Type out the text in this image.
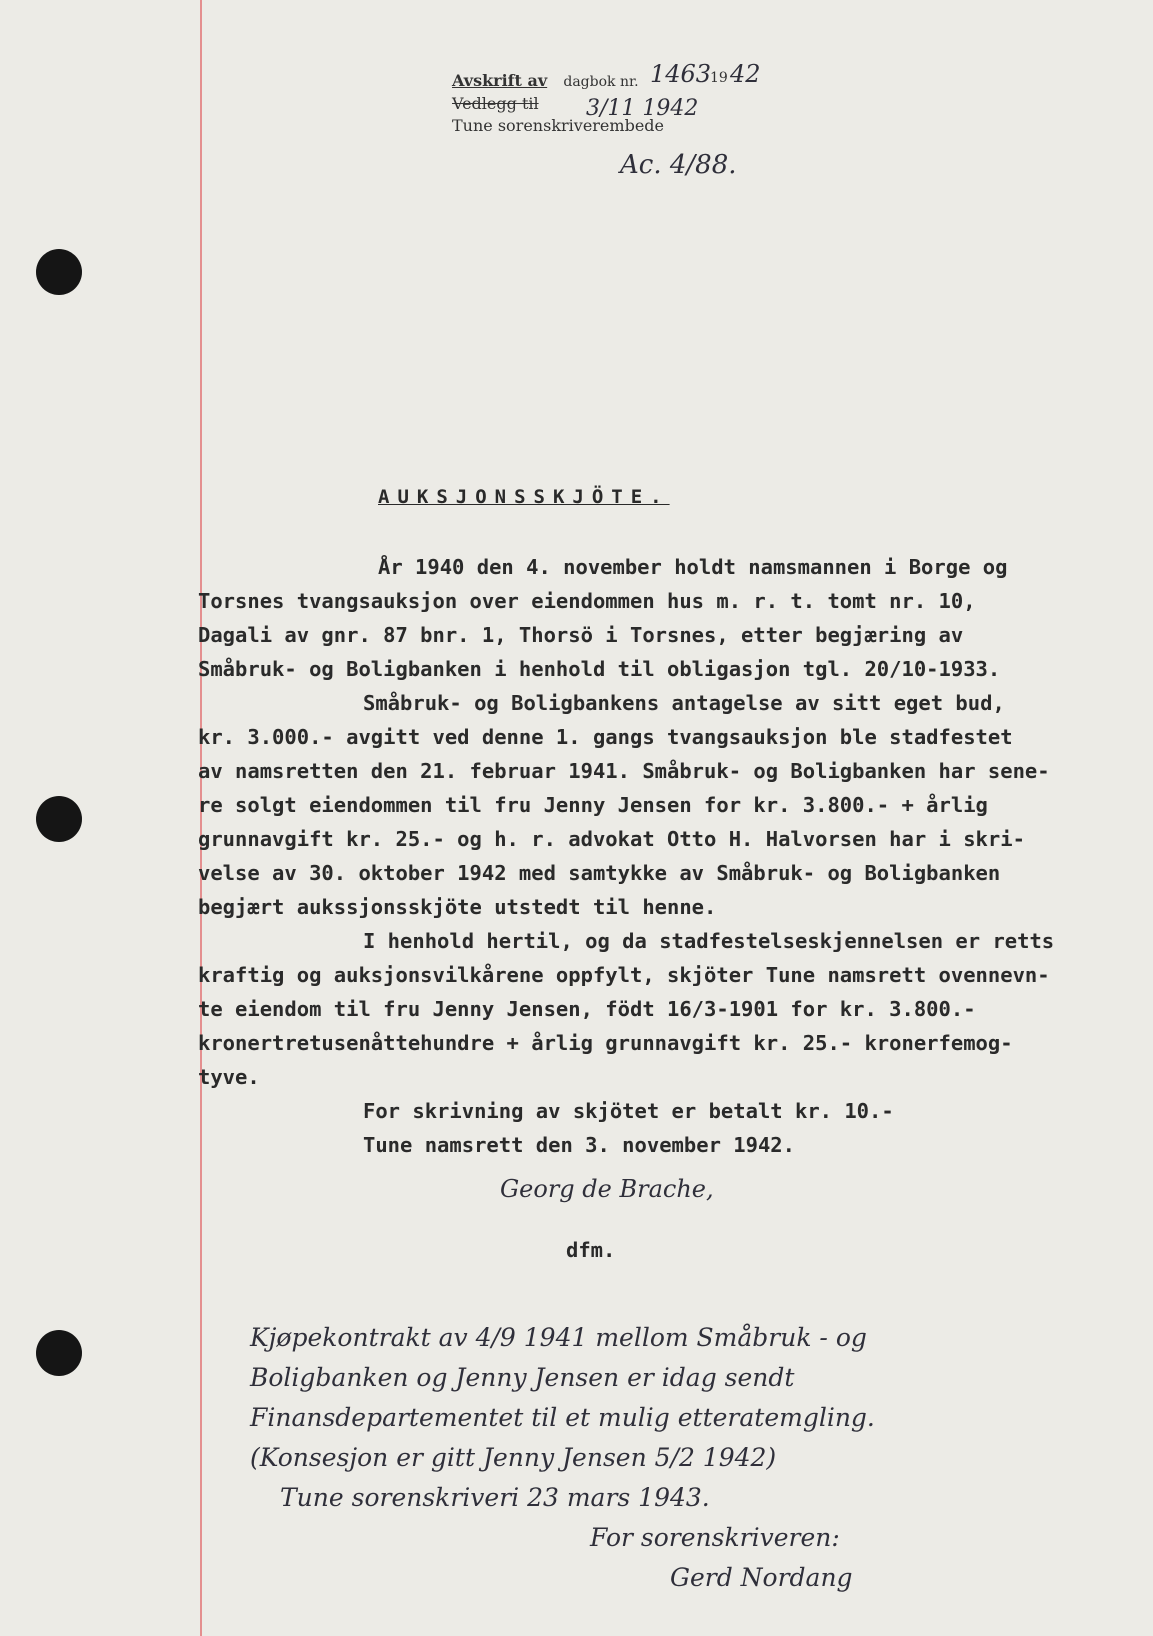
Avskrift av dagbok nr.
Vedlegg til
Tune sorenskriverembede
1463
19 42
3/11 1942
Ac. 4/88.
AUKSJONSSKJÖTE.
År 1940 den 4. november holdt namsmannen i Borge og
Torsnes tvangsauksjon over eiendommen hus m. r. t. tomt nr. 10,
Dagali av gnr. 87 bnr. 1, Thorsö i Torsnes, etter begjæring av
Småbruk- og Boligbanken i henhold til obligasjon tgl. 20/10-1933.
Småbruk- og Boligbankens antagelse av sitt eget bud,
kr. 3.000.- avgitt ved denne 1. gangs tvangsauksjon ble stadfestet
av namsretten den 21. februar 1941. Småbruk- og Boligbanken har sene-
re solgt eiendommen til fru Jenny Jensen for kr. 3.800.- + årlig
grunnavgift kr. 25.- og h. r. advokat Otto H. Halvorsen har i skri-
velse av 30. oktober 1942 med samtykke av Småbruk- og Boligbanken
begjært aukssjonsskjöte utstedt til henne.
I henhold hertil, og da stadfestelseskjennelsen er retts
kraftig og auksjonsvilkårene oppfylt, skjöter Tune namsrett ovennevn-
te eiendom til fru Jenny Jensen, födt 16/3-1901 for kr. 3.800.-
kronertretusenåttehundre + årlig grunnavgift kr. 25.- kronerfemog-
tyve.
For skrivning av skjötet er betalt kr. 10.-
Tune namsrett den 3. november 1942.
Georg de Brache,
dfm.
Kjøpekontrakt av 4/9 1941 mellom Småbruk - og
Boligbanken og Jenny Jensen er idag sendt
Finansdepartementet til et mulig etteratemgling.
(Konsesjon er gitt Jenny Jensen 5/2 1942)
Tune sorenskriveri 23 mars 1943.
For sorenskriveren:
Gerd Nordang
